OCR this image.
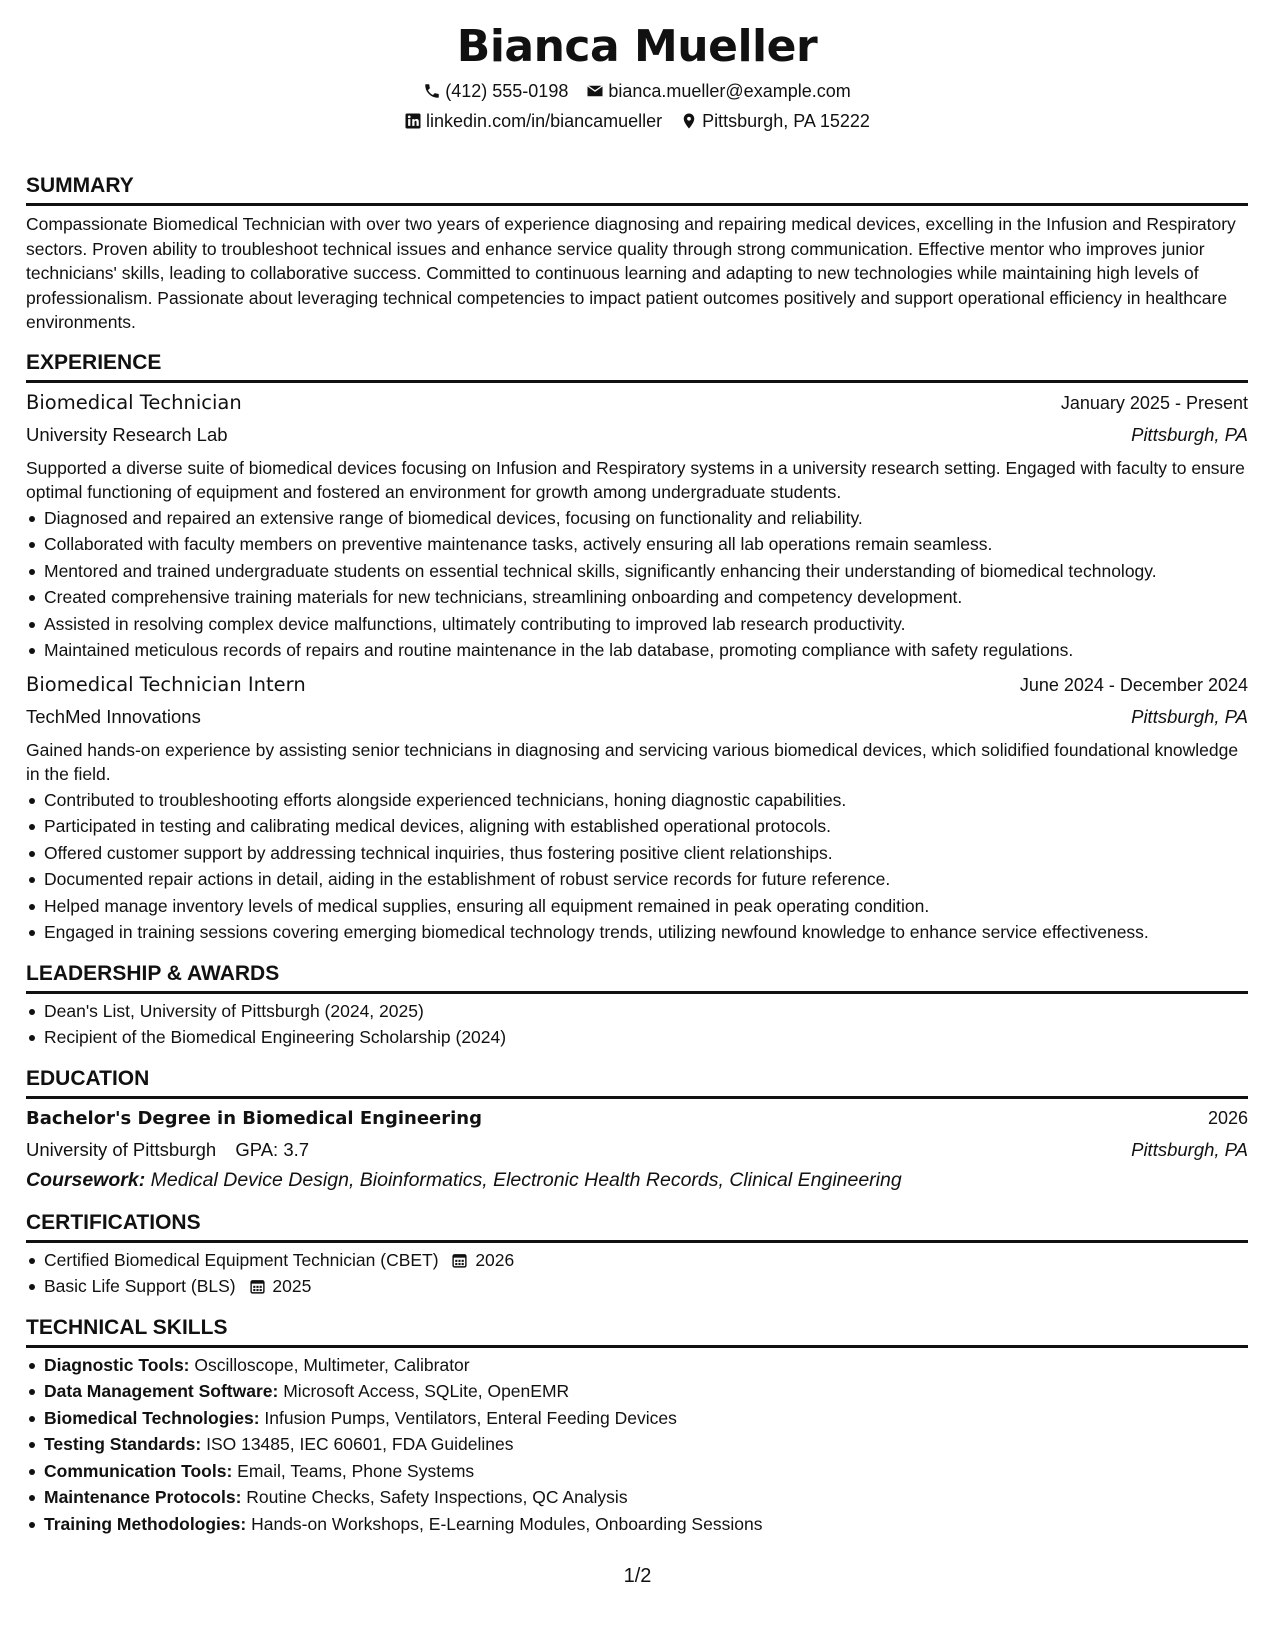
Bianca Mueller
(412) 555-0198 bianca.mueller@example.com
linkedin.com/in/biancamueller Pittsburgh, PA 15222
SUMMARY

Compassionate Biomedical Technician with over two years of experience diagnosing and repairing medical devices, excelling in the Infusion and Respiratory sectors. Proven ability to troubleshoot technical issues and enhance service quality through strong communication. Effective mentor who improves junior technicians' skills, leading to collaborative success. Committed to continuous learning and adapting to new technologies while maintaining high levels of professionalism. Passionate about leveraging technical competencies to impact patient outcomes positively and support operational efficiency in healthcare environments.

EXPERIENCE
Biomedical Technician	January 2025 - Present
University Research Lab	Pittsburgh, PA

Supported a diverse suite of biomedical devices focusing on Infusion and Respiratory systems in a university research setting. Engaged with faculty to ensure optimal functioning of equipment and fostered an environment for growth among undergraduate students.

Diagnosed and repaired an extensive range of biomedical devices, focusing on functionality and reliability.
Collaborated with faculty members on preventive maintenance tasks, actively ensuring all lab operations remain seamless.
Mentored and trained undergraduate students on essential technical skills, significantly enhancing their understanding of biomedical technology.
Created comprehensive training materials for new technicians, streamlining onboarding and competency development.
Assisted in resolving complex device malfunctions, ultimately contributing to improved lab research productivity.
Maintained meticulous records of repairs and routine maintenance in the lab database, promoting compliance with safety regulations.
Biomedical Technician Intern	June 2024 - December 2024
TechMed Innovations	Pittsburgh, PA

Gained hands-on experience by assisting senior technicians in diagnosing and servicing various biomedical devices, which solidified foundational knowledge in the field.

Contributed to troubleshooting efforts alongside experienced technicians, honing diagnostic capabilities.
Participated in testing and calibrating medical devices, aligning with established operational protocols.
Offered customer support by addressing technical inquiries, thus fostering positive client relationships.
Documented repair actions in detail, aiding in the establishment of robust service records for future reference.
Helped manage inventory levels of medical supplies, ensuring all equipment remained in peak operating condition.
Engaged in training sessions covering emerging biomedical technology trends, utilizing newfound knowledge to enhance service effectiveness.
LEADERSHIP & AWARDS
Dean's List, University of Pittsburgh (2024, 2025)
Recipient of the Biomedical Engineering Scholarship (2024)
EDUCATION
Bachelor's Degree in Biomedical Engineering	2026
University of Pittsburgh GPA: 3.7	Pittsburgh, PA
Coursework: Medical Device Design, Bioinformatics, Electronic Health Records, Clinical Engineering
CERTIFICATIONS
Certified Biomedical Equipment Technician (CBET) 2026
Basic Life Support (BLS) 2025
TECHNICAL SKILLS
Diagnostic Tools: Oscilloscope, Multimeter, Calibrator
Data Management Software: Microsoft Access, SQLite, OpenEMR
Biomedical Technologies: Infusion Pumps, Ventilators, Enteral Feeding Devices
Testing Standards: ISO 13485, IEC 60601, FDA Guidelines
Communication Tools: Email, Teams, Phone Systems
Maintenance Protocols: Routine Checks, Safety Inspections, QC Analysis
Training Methodologies: Hands-on Workshops, E-Learning Modules, Onboarding Sessions
1/2
